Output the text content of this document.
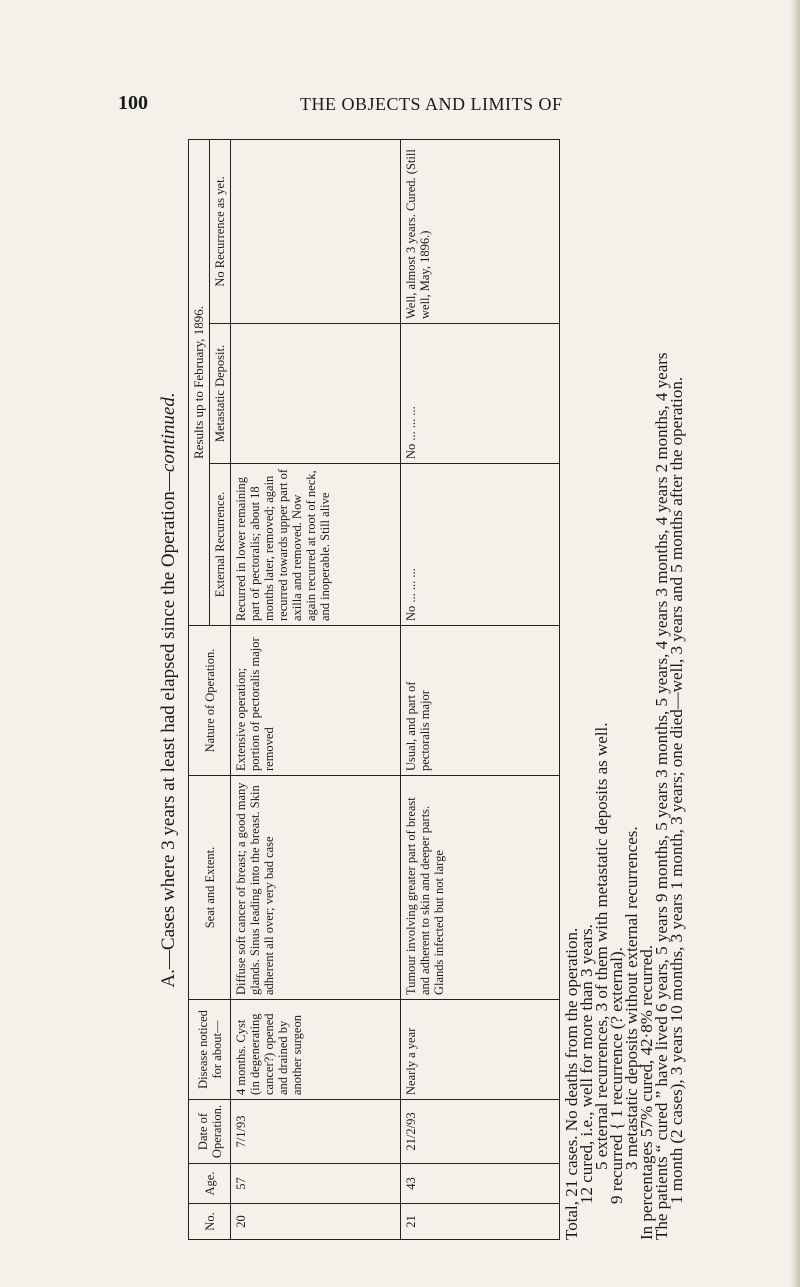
100	THE OBJECTS AND LIMITS OF
A.—Cases where 3 years at least had elapsed since the Operation—continued.
No.	Age.	Date of Operation.	Disease noticed for about—	Seat and Extent.	Nature of Operation.	Results up to February, 1896.		
						External Recurrence.	Metastatic Deposit.	No Recurrence as yet.
20	57	7/1/93	4 months. Cyst (in degenerating cancer?) opened and drained by another surgeon	Diffuse soft cancer of breast; a good many glands. Sinus leading into the breast. Skin adherent all over; very bad case	Extensive operation; portion of pectoralis major removed	Recurred in lower remaining part of pectoralis; about 18 months later, removed; again recurred towards upper part of axilla and removed. Now again recurred at root of neck, and inoperable. Still alive		
21	43	21/2/93	Nearly a year	Tumour involving greater part of breast and adherent to skin and deeper parts. Glands infected but not large	Usual, and part of pectoralis major	No ... ... ...	No ... ... ...	Well, almost 3 years. Cured. (Still well, May, 1896.)
Total, 21 cases. No deaths from the operation.
12 cured, i.e., well for more than 3 years.
5 external recurrences, 3 of them with metastatic deposits as well.
9 recurred { 1 recurrence (? external).
3 metastatic deposits without external recurrences.
In percentages 57% cured, 42·8% recurred.
The patients “ cured ” have lived 6 years, 5 years 9 months, 5 years 3 months, 5 years, 4 years 3 months, 4 years 2 months, 4 years
1 month (2 cases), 3 years 10 months, 3 years 1 month, 3 years; one died—well, 3 years and 5 months after the operation.
